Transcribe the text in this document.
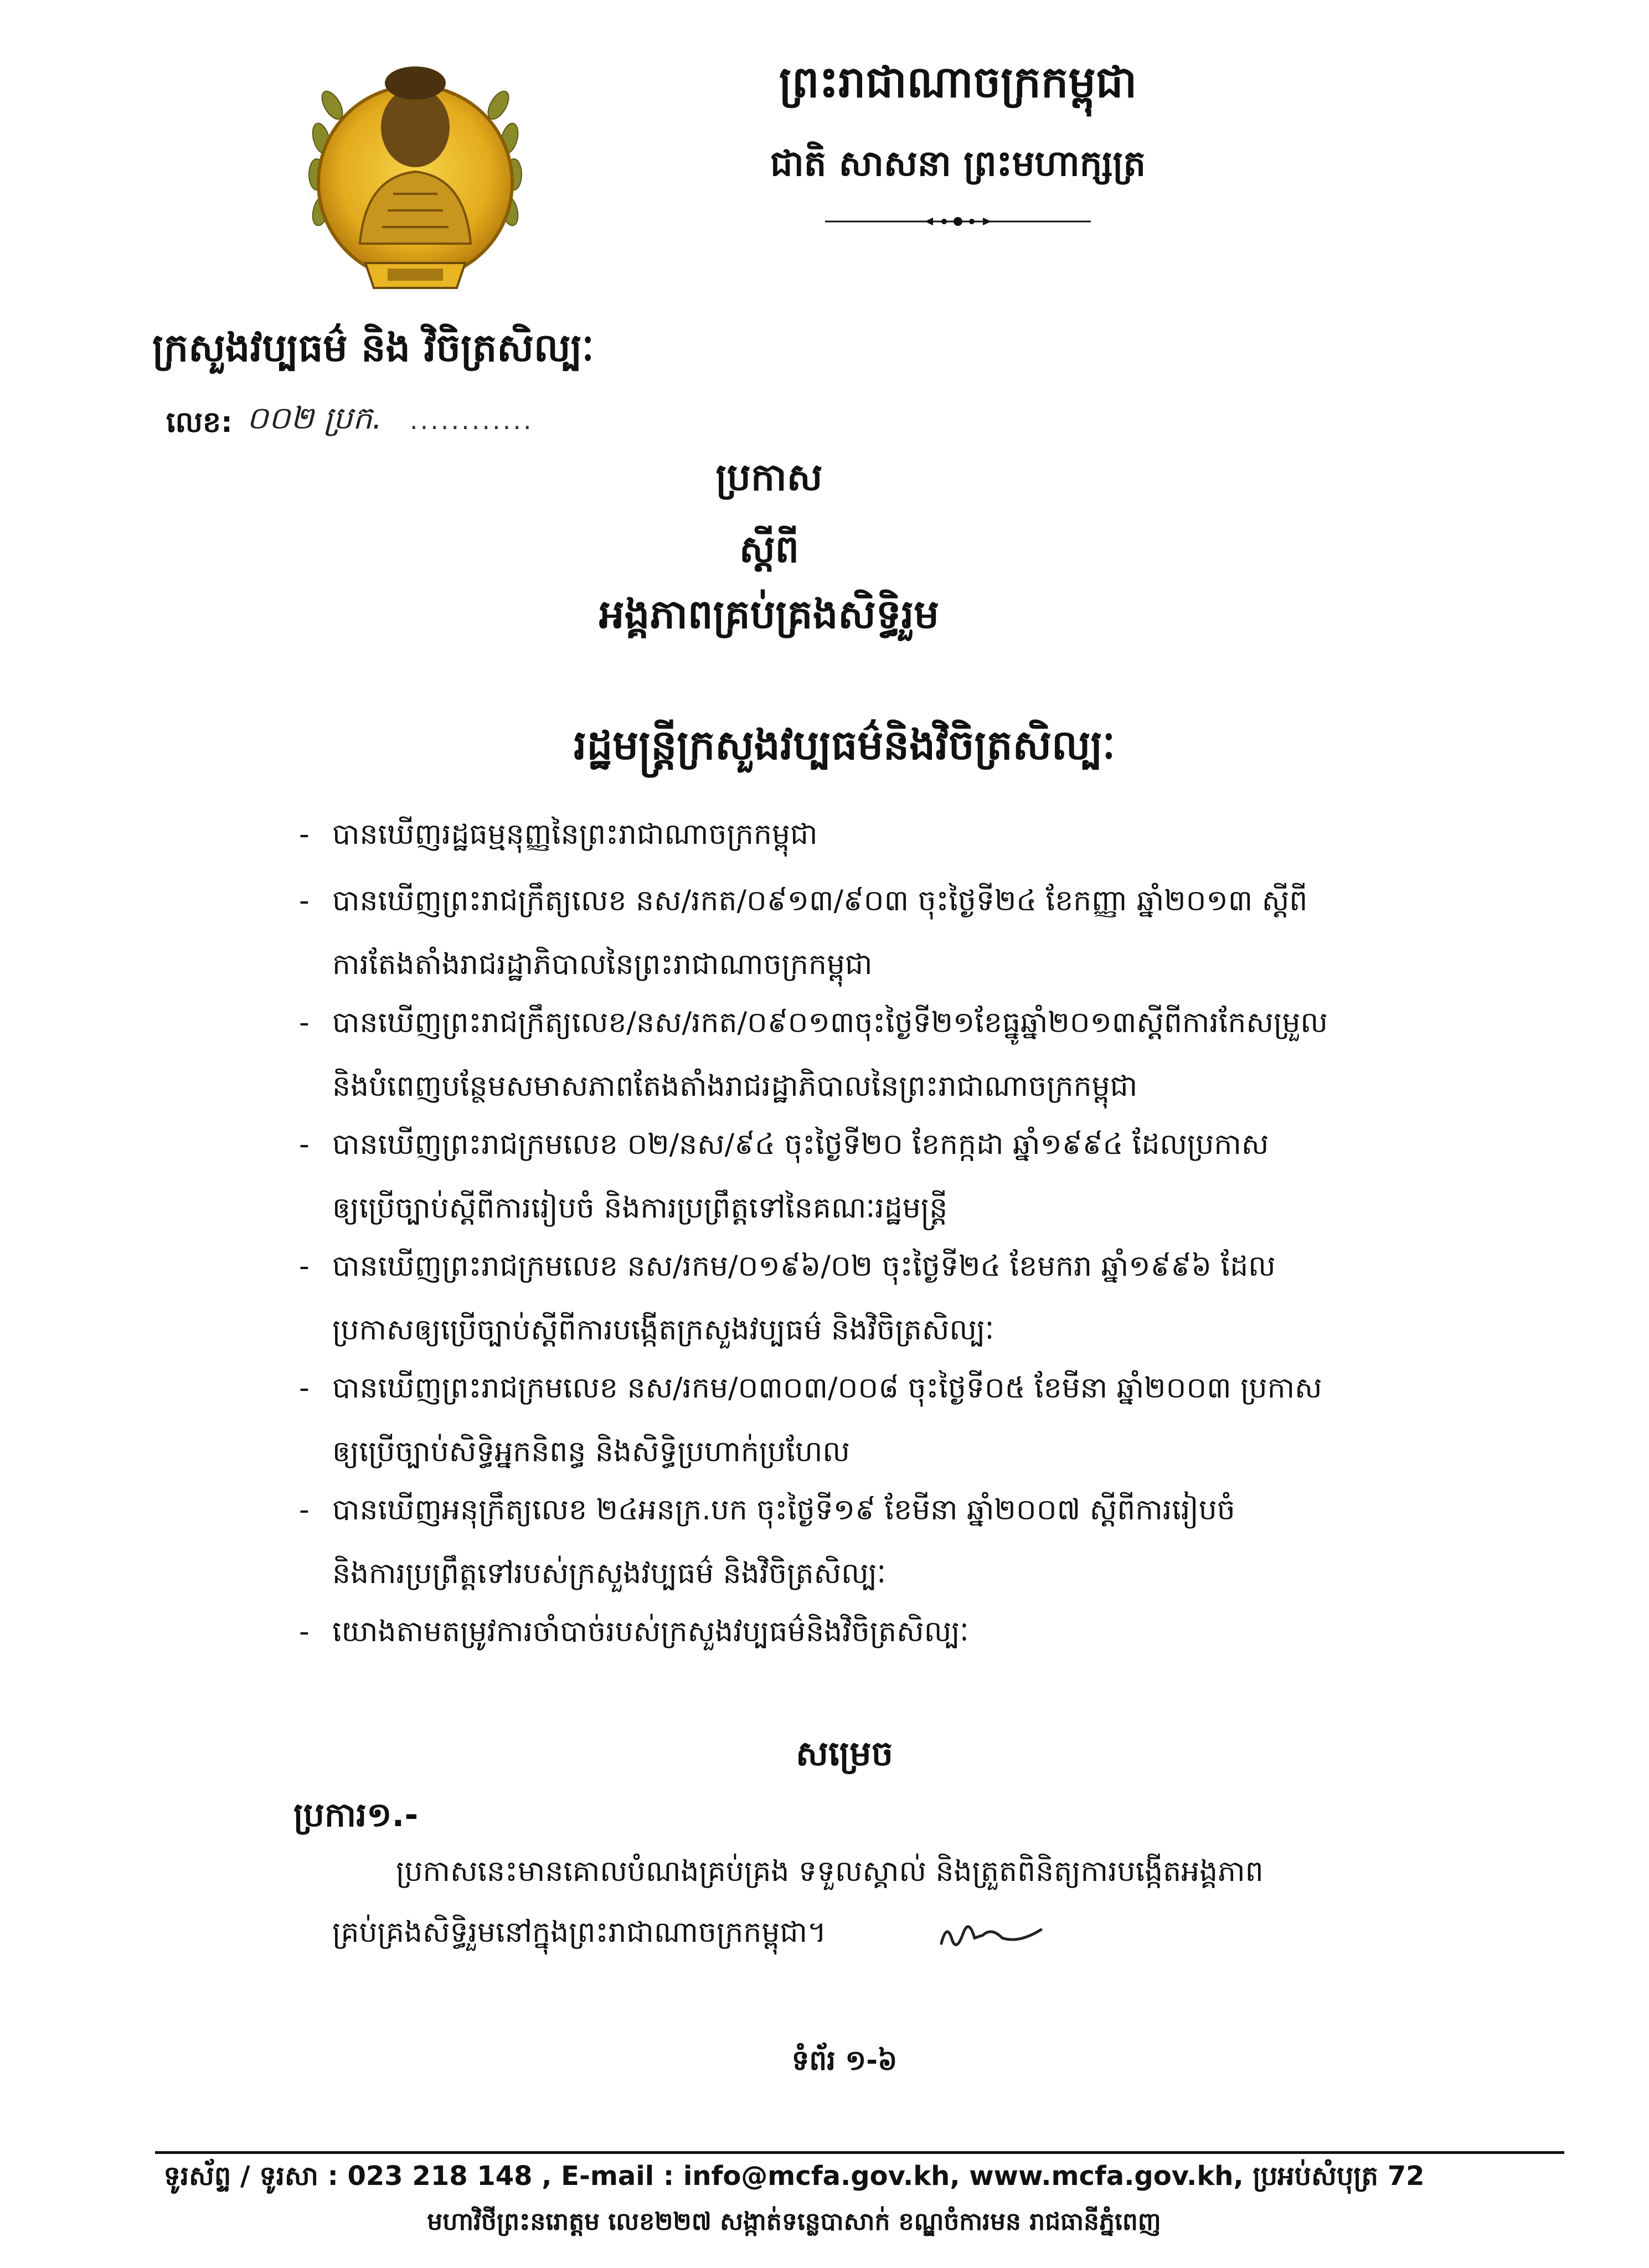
ព្រះរាជាណាចក្រកម្ពុជា
ជាតិ សាសនា ព្រះមហាក្សត្រ
ក្រសួងវប្បធម៌ និង វិចិត្រសិល្បៈ
លេខ: ០០២ ប្រក. ............
ប្រកាស
ស្ដីពី
អង្គភាពគ្រប់គ្រងសិទ្ធិរួម
រដ្ឋមន្ត្រីក្រសួងវប្បធម៌និងវិចិត្រសិល្បៈ
- បានឃើញរដ្ឋធម្មនុញ្ញនៃព្រះរាជាណាចក្រកម្ពុជា
- បានឃើញព្រះរាជក្រឹត្យលេខ នស/រកត/០៩១៣/៩០៣ ចុះថ្ងៃទី២៤ ខែកញ្ញា ឆ្នាំ២០១៣ ស្តីពី
ការតែងតាំងរាជរដ្ឋាភិបាលនៃព្រះរាជាណាចក្រកម្ពុជា
- បានឃើញព្រះរាជក្រឹត្យលេខ/នស/រកត/០៩០១៣ចុះថ្ងៃទី២១ខែធ្នូឆ្នាំ២០១៣ស្តីពីការកែសម្រួល
និងបំពេញបន្ថែមសមាសភាពតែងតាំងរាជរដ្ឋាភិបាលនៃព្រះរាជាណាចក្រកម្ពុជា
- បានឃើញព្រះរាជក្រមលេខ ០២/នស/៩៤ ចុះថ្ងៃទី២០ ខែកក្កដា ឆ្នាំ១៩៩៤ ដែលប្រកាស
ឲ្យប្រើច្បាប់ស្តីពីការរៀបចំ និងការប្រព្រឹត្តទៅនៃគណៈរដ្ឋមន្ត្រី
- បានឃើញព្រះរាជក្រមលេខ នស/រកម/០១៩៦/០២ ចុះថ្ងៃទី២៤ ខែមករា ឆ្នាំ១៩៩៦ ដែល
ប្រកាសឲ្យប្រើច្បាប់ស្តីពីការបង្កើតក្រសួងវប្បធម៌ និងវិចិត្រសិល្បៈ
- បានឃើញព្រះរាជក្រមលេខ នស/រកម/០៣០៣/០០៨ ចុះថ្ងៃទី០៥ ខែមីនា ឆ្នាំ២០០៣ ប្រកាស
ឲ្យប្រើច្បាប់សិទ្ធិអ្នកនិពន្ធ និងសិទ្ធិប្រហាក់ប្រហែល
- បានឃើញអនុក្រឹត្យលេខ ២៤អនក្រ.បក ចុះថ្ងៃទី១៩ ខែមីនា ឆ្នាំ២០០៧ ស្តីពីការរៀបចំ
និងការប្រព្រឹត្តទៅរបស់ក្រសួងវប្បធម៌ និងវិចិត្រសិល្បៈ
- យោងតាមតម្រូវការចាំបាច់របស់ក្រសួងវប្បធម៌និងវិចិត្រសិល្បៈ
សម្រេច
ប្រការ១.-
ប្រកាសនេះមានគោលបំណងគ្រប់គ្រង ទទួលស្គាល់ និងត្រួតពិនិត្យការបង្កើតអង្គភាព
គ្រប់គ្រងសិទ្ធិរួមនៅក្នុងព្រះរាជាណាចក្រកម្ពុជា។
ទំព័រ ១-៦
ទូរស័ព្ទ / ទូរសា : 023 218 148 , E-mail : info@mcfa.gov.kh, www.mcfa.gov.kh, ប្រអប់សំបុត្រ 72
មហាវិថីព្រះនរោត្តម លេខ២២៧ សង្កាត់ទន្លេបាសាក់ ខណ្ឌចំការមន រាជធានីភ្នំពេញ
